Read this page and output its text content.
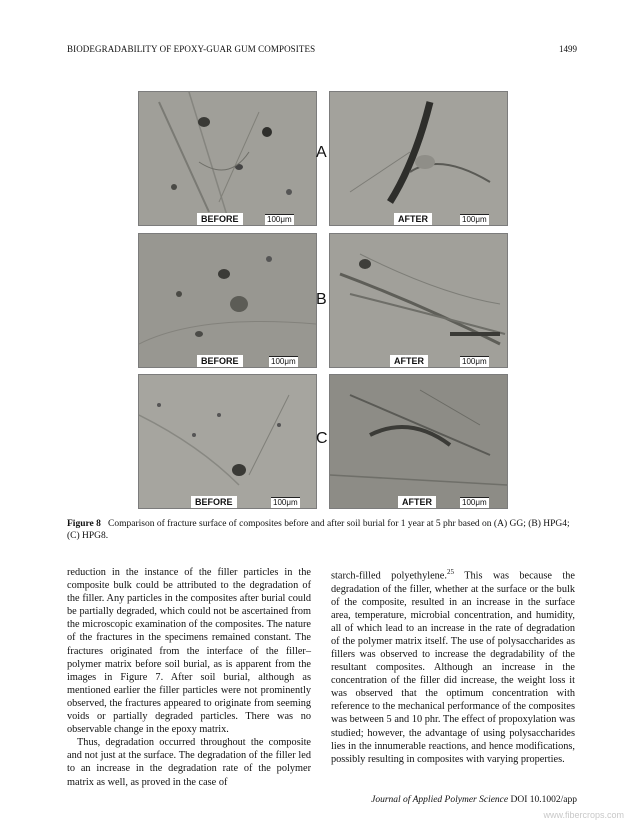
BIODEGRADABILITY OF EPOXY-GUAR GUM COMPOSITES	1499
BEFORE	100μm	AFTER	100μm
A
BEFORE	100μm	AFTER	100μm
B
BEFORE	100μm	AFTER	100μm
C
Figure 8 Comparison of fracture surface of composites before and after soil burial for 1 year at 5 phr based on (A) GG; (B) HPG4; (C) HPG8.

reduction in the instance of the filler particles in the composite bulk could be attributed to the degradation of the filler. Any particles in the composites after burial could be partially degraded, which could not be ascertained from the microscopic examination of the composites. The nature of the fractures in the specimens remained constant. The fractures originated from the interface of the filler–polymer matrix before soil burial, as is apparent from the images in Figure 7. After soil burial, although as mentioned earlier the filler particles were not prominently observed, the fractures appeared to originate from seeming voids or partially degraded particles. There was no observable change in the epoxy matrix.

Thus, degradation occurred throughout the composite and not just at the surface. The degradation of the filler led to an increase in the degradation rate of the polymer matrix as well, as proved in the case of

starch-filled polyethylene.$^{25}$ This was because the degradation of the filler, whether at the surface or the bulk of the composite, resulted in an increase in the surface area, temperature, microbial concentration, and humidity, all of which lead to an increase in the rate of degradation of the polymer matrix itself. The use of polysaccharides as fillers was observed to increase the degradability of the resultant composites. Although an increase in the concentration of the filler did increase, the weight loss it was observed that the optimum concentration with reference to the mechanical performance of the composites was between 5 and 10 phr. The effect of propoxylation was studied; however, the advantage of using polysaccharides lies in the innumerable reactions, and hence modifications, possibly resulting in composites with varying properties.

Journal of Applied Polymer Science DOI 10.1002/app
www.fibercrops.com
